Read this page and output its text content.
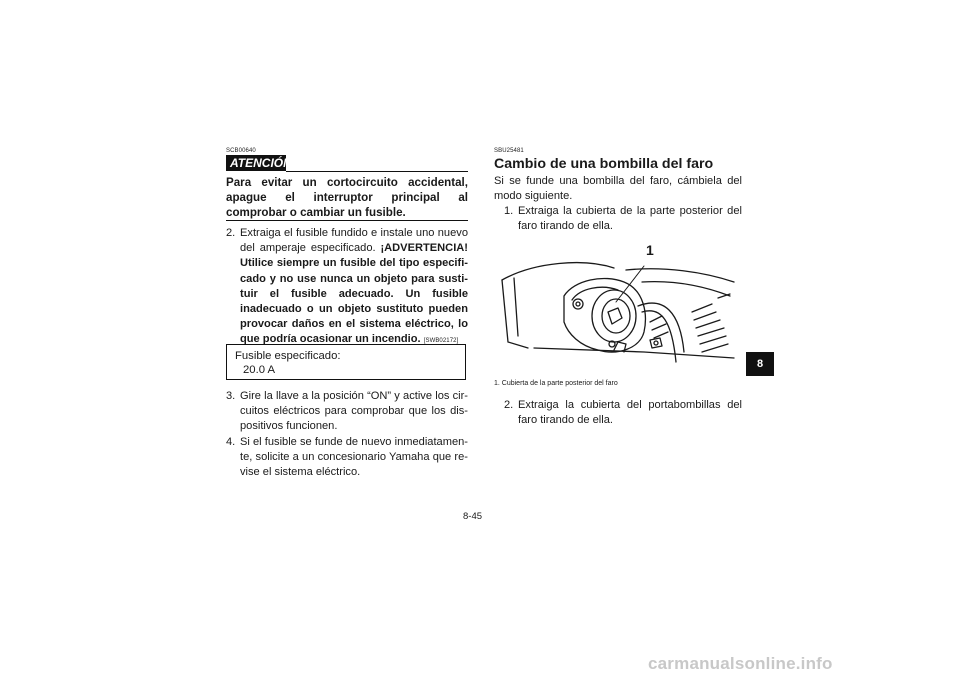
SCB00640
ATENCIÓN

Para evitar un cortocircuito accidental, apague el interruptor principal al comprobar o cambiar un fusible.

2. Extraiga el fusible fundido e instale uno nuevo del amperaje especificado. ¡ADVERTENCIA! Utilice siempre un fusible del tipo especifi-cado y no use nunca un objeto para susti-tuir el fusible adecuado. Un fusible inadecuado o un objeto sustituto pueden provocar daños en el sistema eléctrico, lo que podría ocasionar un incendio. [SWB02172]
Fusible especificado:
20.0 A
3. Gire la llave a la posición “ON” y active los cir-cuitos eléctricos para comprobar que los dis-positivos funcionen.
4. Si el fusible se funde de nuevo inmediatamen-te, solicite a un concesionario Yamaha que re-vise el sistema eléctrico.
SBU25481
Cambio de una bombilla del faro

Si se funde una bombilla del faro, cámbiela del modo siguiente.

1. Extraiga la cubierta de la parte posterior del faro tirando de ella.
1
1. Cubierta de la parte posterior del faro
2. Extraiga la cubierta del portabombillas del faro tirando de ella.
8
8-45
carmanualsonline.info
